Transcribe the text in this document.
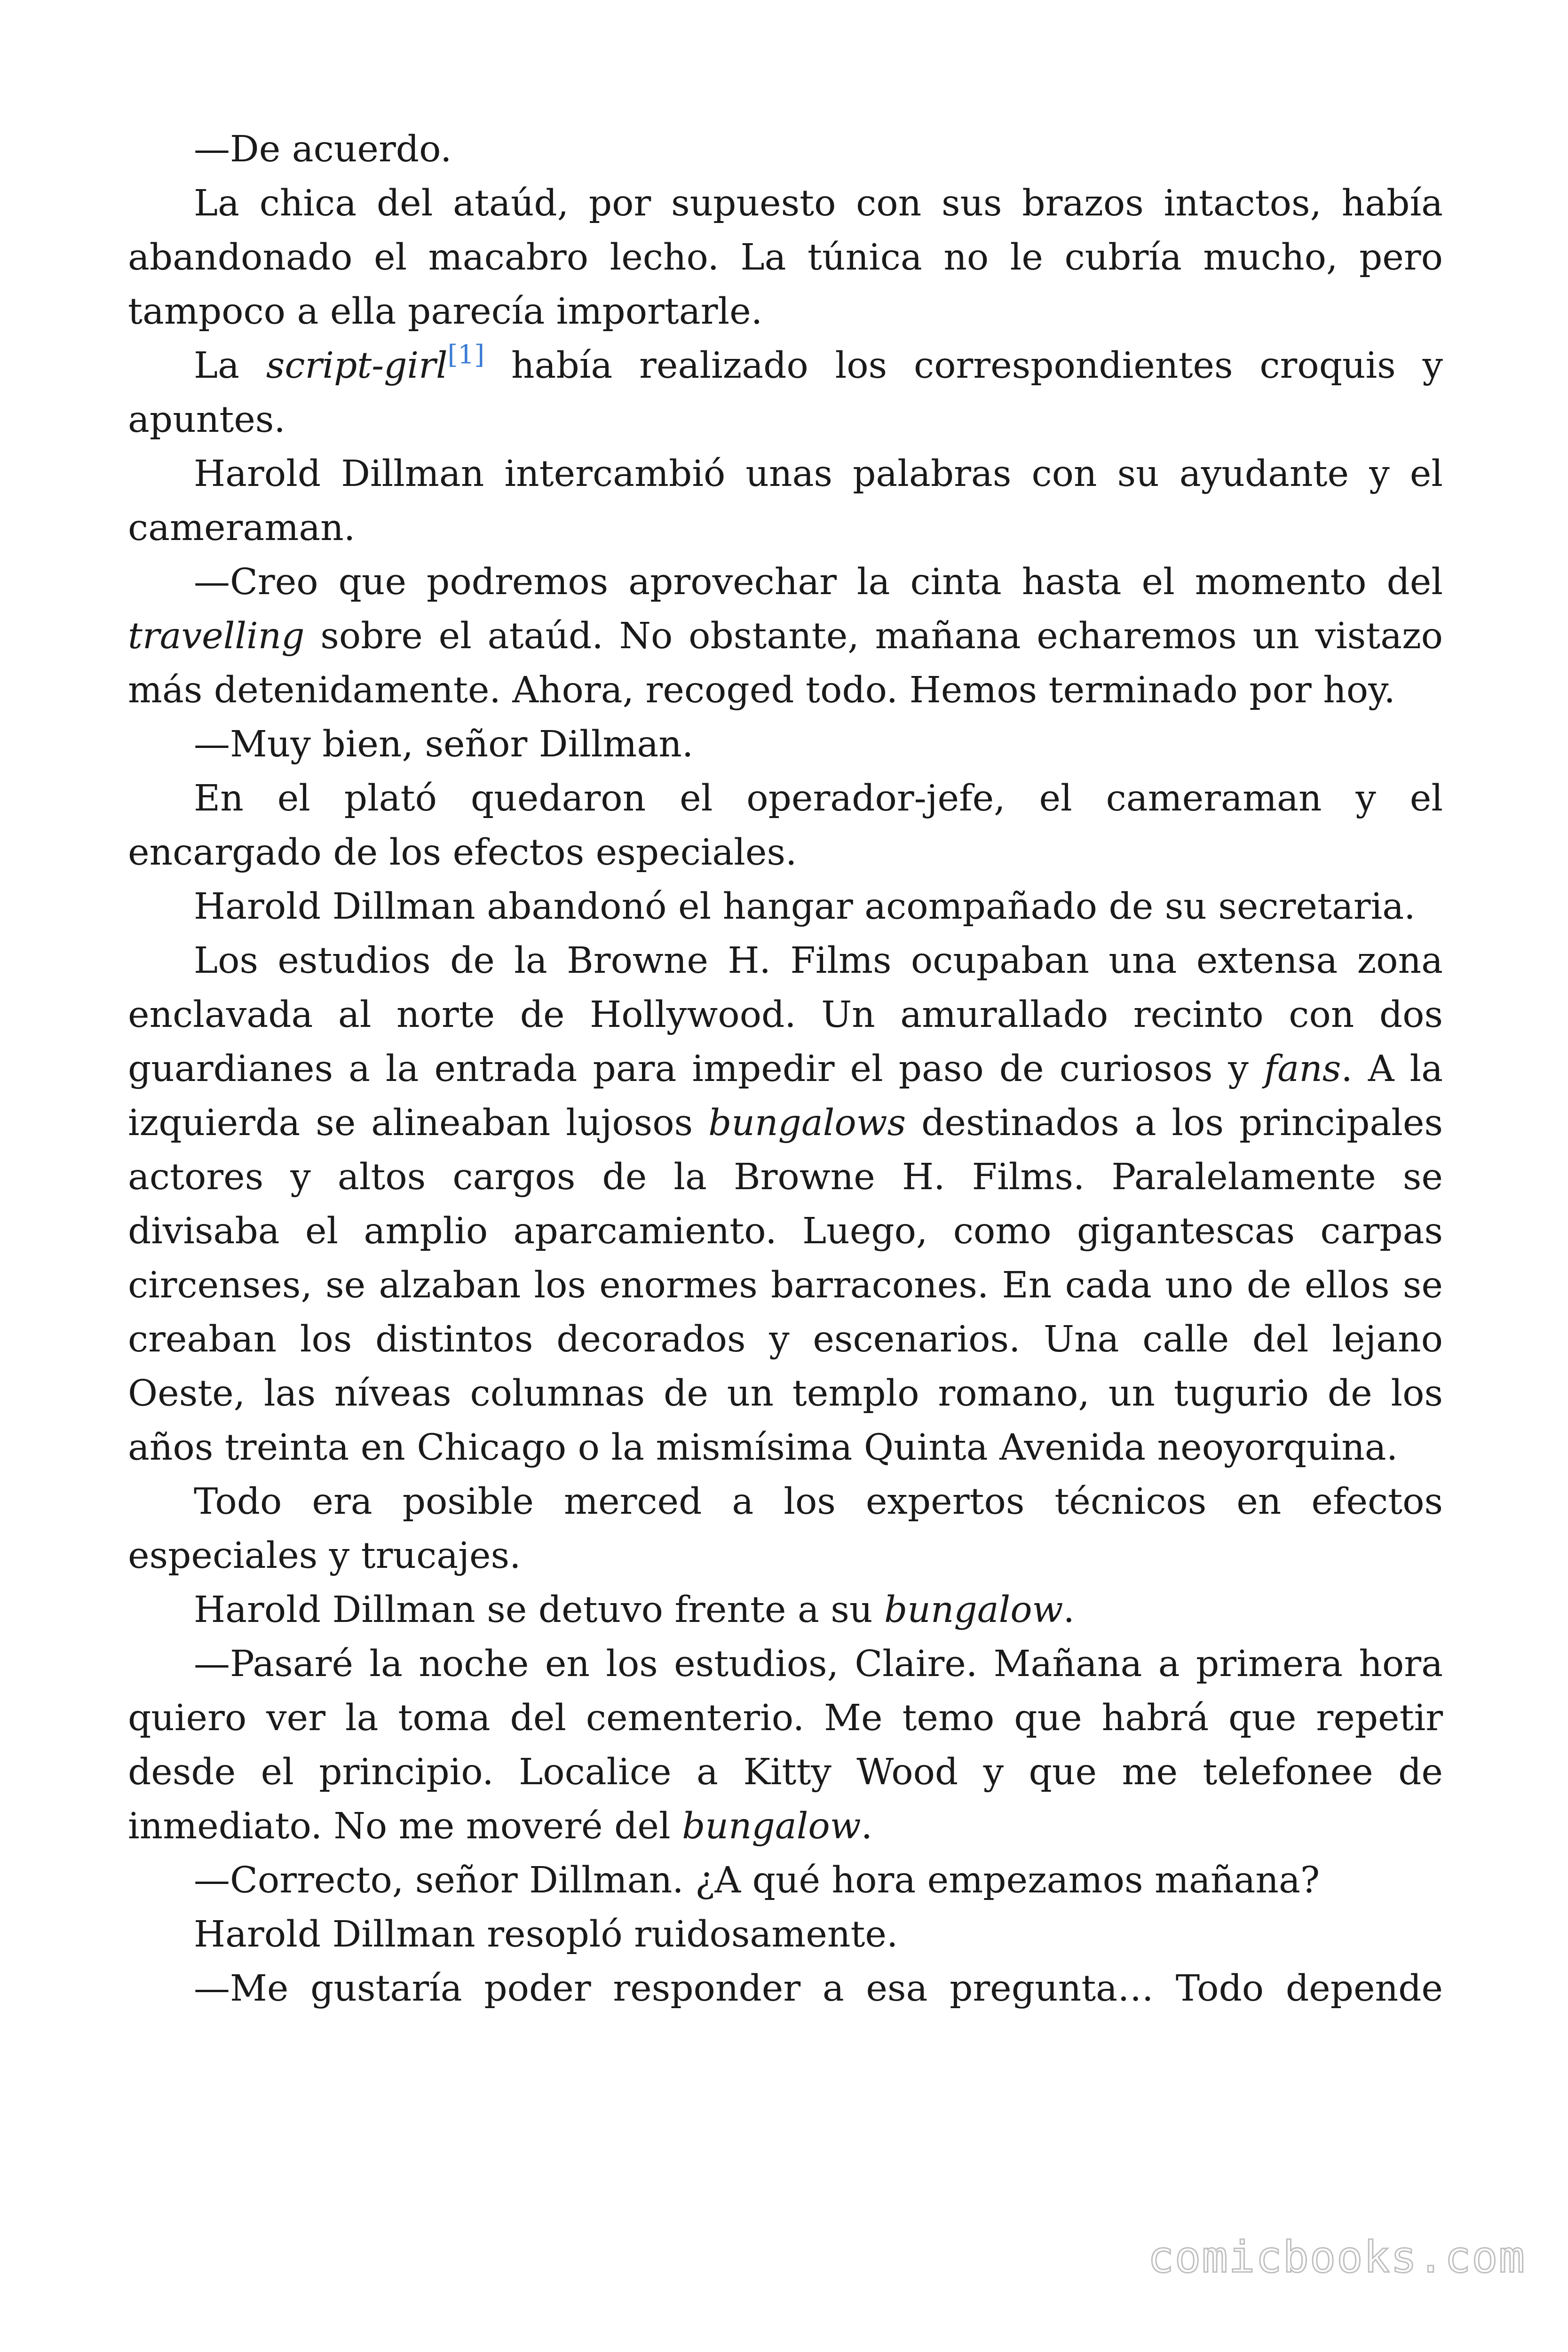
—De acuerdo.

La chica del ataúd, por supuesto con sus brazos intactos, había abandonado el macabro lecho. La túnica no le cubría mucho, pero tampoco a ella parecía importarle.

La script-girl[1] había realizado los correspondientes croquis y apuntes.

Harold Dillman intercambió unas palabras con su ayudante y el cameraman.

—Creo que podremos aprovechar la cinta hasta el momento del travelling sobre el ataúd. No obstante, mañana echaremos un vistazo más detenidamente. Ahora, recoged todo. Hemos terminado por hoy.

—Muy bien, señor Dillman.

En el plató quedaron el operador-jefe, el cameraman y el encargado de los efectos especiales.

Harold Dillman abandonó el hangar acompañado de su secretaria.

Los estudios de la Browne H. Films ocupaban una extensa zona enclavada al norte de Hollywood. Un amurallado recinto con dos guardianes a la entrada para impedir el paso de curiosos y fans. A la izquierda se alineaban lujosos bungalows destinados a los principales actores y altos cargos de la Browne H. Films. Paralelamente se divisaba el amplio aparcamiento. Luego, como gigantescas carpas circenses, se alzaban los enormes barracones. En cada uno de ellos se creaban los distintos decorados y escenarios. Una calle del lejano Oeste, las níveas columnas de un templo romano, un tugurio de los años treinta en Chicago o la mismísima Quinta Avenida neoyorquina.

Todo era posible merced a los expertos técnicos en efectos especiales y trucajes.

Harold Dillman se detuvo frente a su bungalow.

—Pasaré la noche en los estudios, Claire. Mañana a primera hora quiero ver la toma del cementerio. Me temo que habrá que repetir desde el principio. Localice a Kitty Wood y que me telefonee de inmediato. No me moveré del bungalow.

—Correcto, señor Dillman. ¿A qué hora empezamos mañana?

Harold Dillman resopló ruidosamente.

—Me gustaría poder responder a esa pregunta… Todo depende

comicbooks.com
